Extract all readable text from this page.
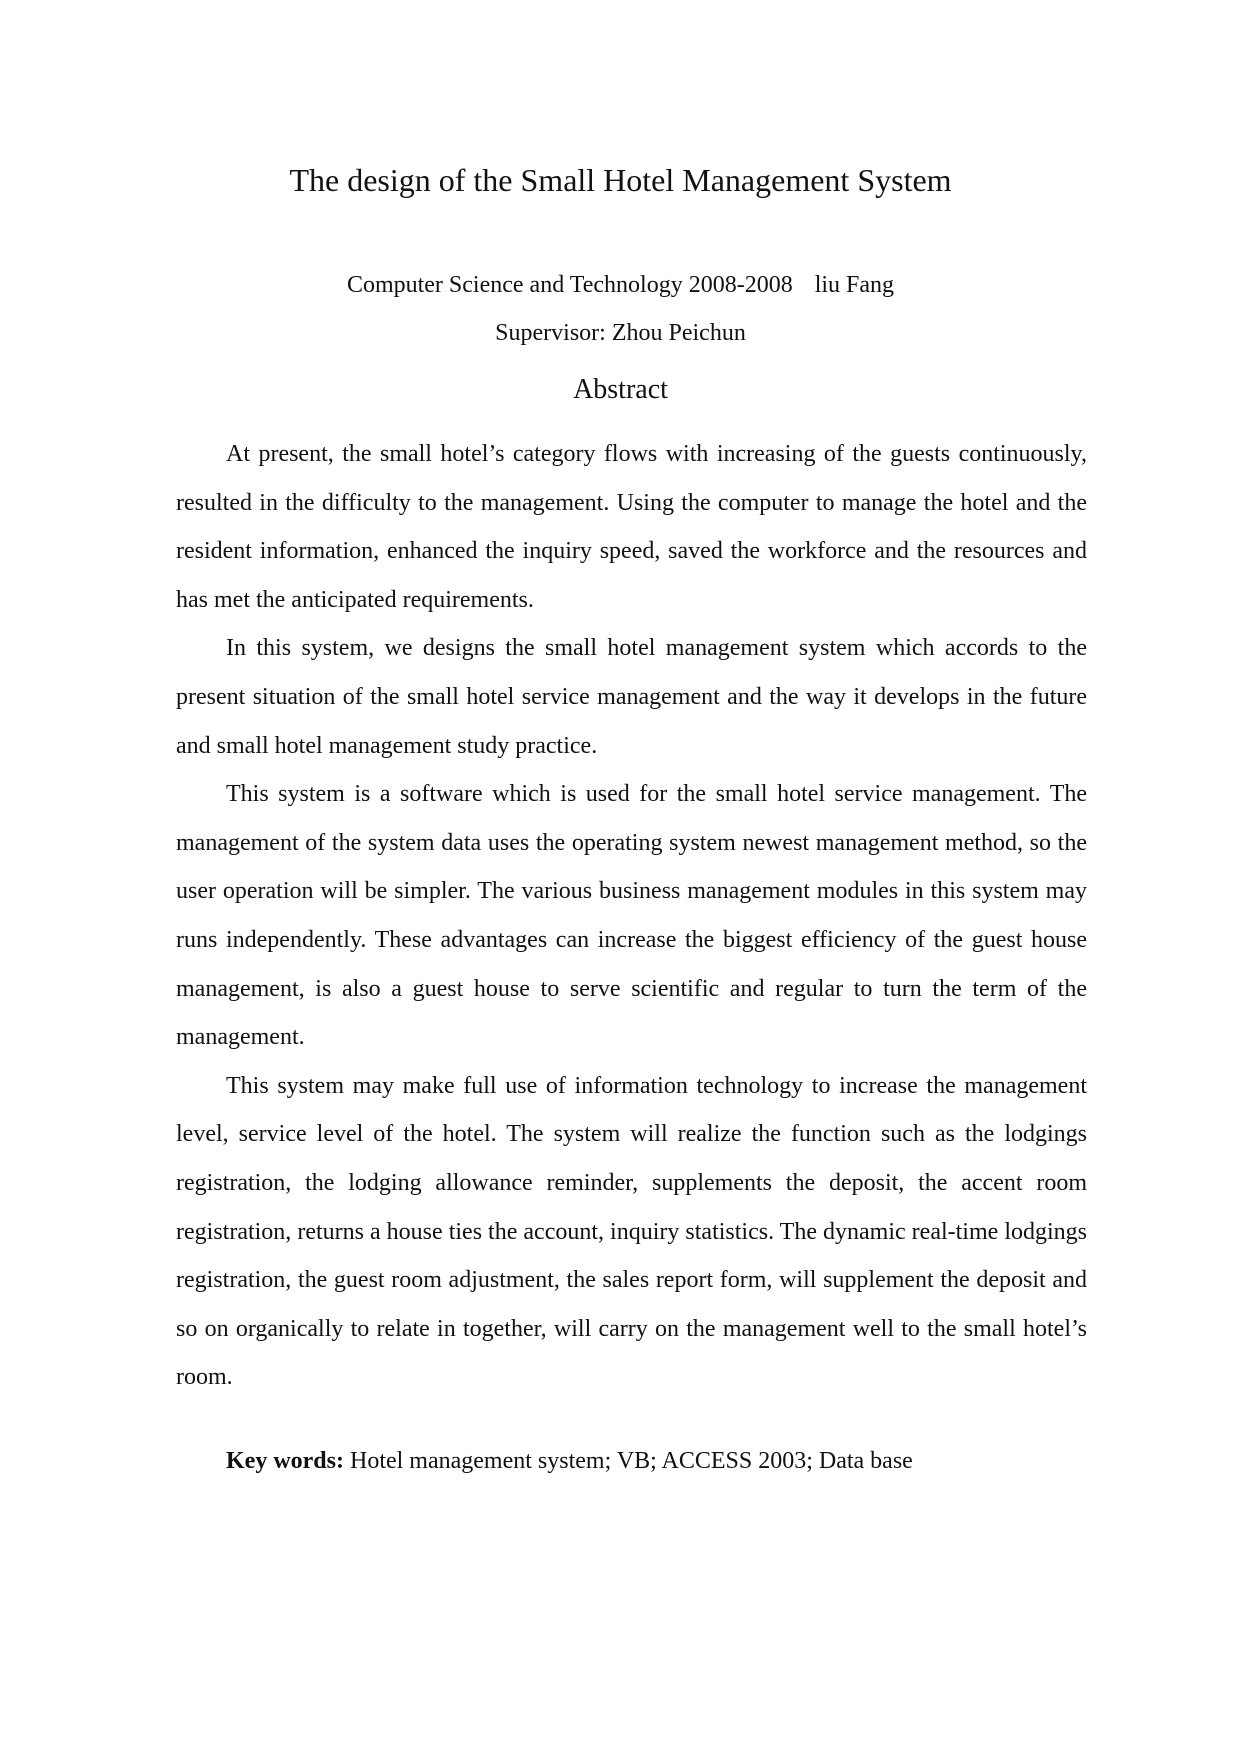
The design of the Small Hotel Management System

Computer Science and Technology 2008-2008 liu Fang

Supervisor: Zhou Peichun

Abstract

At present, the small hotel’s category flows with increasing of the guests continuously, resulted in the difficulty to the management. Using the computer to manage the hotel and the resident information, enhanced the inquiry speed, saved the workforce and the resources and has met the anticipated requirements.

In this system, we designs the small hotel management system which accords to the present situation of the small hotel service management and the way it develops in the future and small hotel management study practice.

This system is a software which is used for the small hotel service management. The management of the system data uses the operating system newest management method, so the user operation will be simpler. The various business management modules in this system may runs independently. These advantages can increase the biggest efficiency of the guest house management, is also a guest house to serve scientific and regular to turn the term of the management.

This system may make full use of information technology to increase the management level, service level of the hotel. The system will realize the function such as the lodgings registration, the lodging allowance reminder, supplements the deposit, the accent room registration, returns a house ties the account, inquiry statistics. The dynamic real-time lodgings registration, the guest room adjustment, the sales report form, will supplement the deposit and so on organically to relate in together, will carry on the management well to the small hotel’s room.

Key words: Hotel management system; VB; ACCESS 2003; Data base
